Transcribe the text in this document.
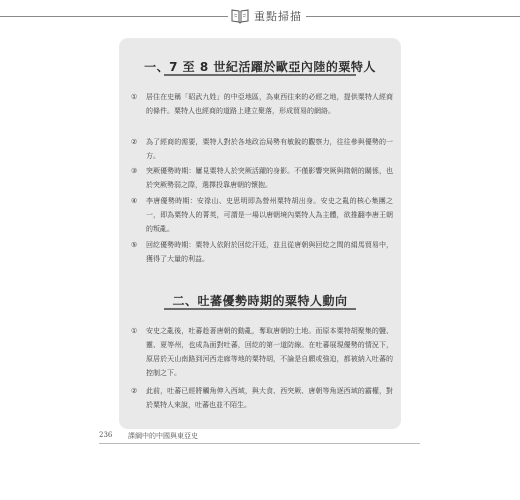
重點掃描
一、7 至 8 世紀活躍於歐亞內陸的粟特人
①	居住在史稱「昭武九姓」的中亞地區，為東西往來的必經之地，提供粟特人經商的條件。粟特人也經商的道路上建立聚落，形成貿易的網絡。
②	為了經商的需要，粟特人對於各地政治局勢有敏銳的觀察力，往往參與優勢的一方。
③	突厥優勢時期：屢見粟特人於突厥活躍的身影。不僅影響突厥與隋朝的關係，也於突厥勢弱之際，選擇投靠唐朝的懷抱。
④	李唐優勢時期：安祿山、史思明即為營州粟特胡出身。安史之亂的核心集團之一，即為粟特人的菁英，可謂是一場以唐朝境內粟特人為主體，欲推翻李唐王朝的叛亂。
⑤	回紇優勢時期：粟特人依附於回紇汗廷，並且從唐朝與回紇之間的絹馬貿易中，獲得了大量的利益。
二、吐蕃優勢時期的粟特人動向
①	安史之亂後，吐蕃趁著唐朝的動亂，奪取唐朝的土地。而原本粟特胡聚集的鹽、靈、夏等州，也成為面對吐蕃，回紇的第一道防線。在吐蕃展現優勢的情況下，原居於天山南路到河西走廊等地的粟特胡，不論是自願或強迫，都被納入吐蕃的控制之下。
②	此前，吐蕃已經將觸角伸入西域，與大食、西突厥、唐朝等角逐西域的霸權，對於粟特人來說，吐蕃也並不陌生。
236 課綱中的中國與東亞史
